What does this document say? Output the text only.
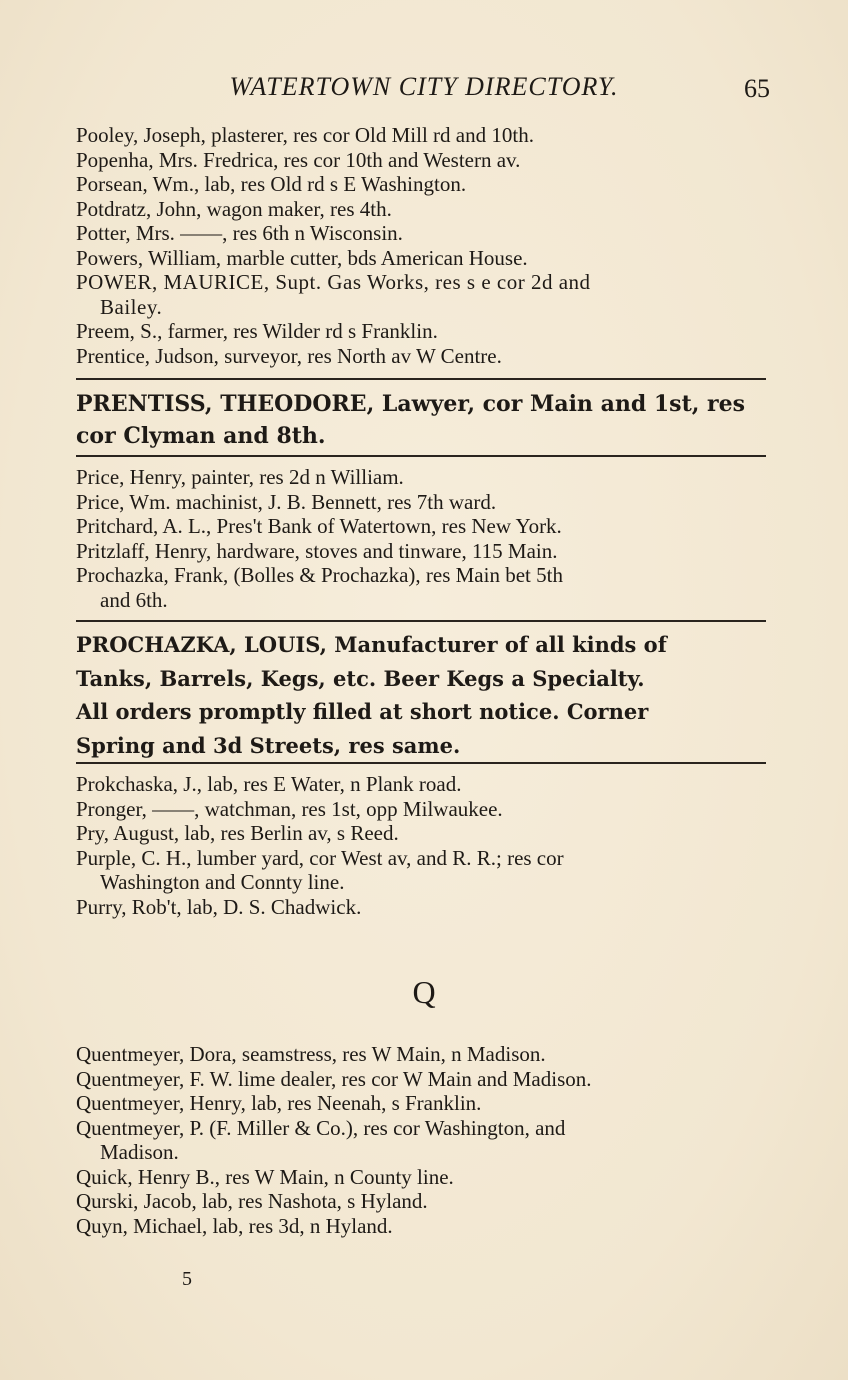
WATERTOWN CITY DIRECTORY.	65

Pooley, Joseph, plasterer, res cor Old Mill rd and 10th.

Popenha, Mrs. Fredrica, res cor 10th and Western av.

Porsean, Wm., lab, res Old rd s E Washington.

Potdratz, John, wagon maker, res 4th.

Potter, Mrs. ——, res 6th n Wisconsin.

Powers, William, marble cutter, bds American House.

POWER, MAURICE, Supt. Gas Works, res s e cor 2d and
Bailey.

Preem, S., farmer, res Wilder rd s Franklin.

Prentice, Judson, surveyor, res North av W Centre.

PRENTISS, THEODORE, Lawyer, cor Main and 1st, res

cor Clyman and 8th.

Price, Henry, painter, res 2d n William.

Price, Wm. machinist, J. B. Bennett, res 7th ward.

Pritchard, A. L., Pres't Bank of Watertown, res New York.

Pritzlaff, Henry, hardware, stoves and tinware, 115 Main.

Prochazka, Frank, (Bolles & Prochazka), res Main bet 5th
and 6th.

PROCHAZKA, LOUIS, Manufacturer of all kinds of

Tanks, Barrels, Kegs, etc. Beer Kegs a Specialty.

All orders promptly filled at short notice. Corner

Spring and 3d Streets, res same.

Prokchaska, J., lab, res E Water, n Plank road.

Pronger, ——, watchman, res 1st, opp Milwaukee.

Pry, August, lab, res Berlin av, s Reed.

Purple, C. H., lumber yard, cor West av, and R. R.; res cor
Washington and Connty line.

Purry, Rob't, lab, D. S. Chadwick.

Q

Quentmeyer, Dora, seamstress, res W Main, n Madison.

Quentmeyer, F. W. lime dealer, res cor W Main and Madison.

Quentmeyer, Henry, lab, res Neenah, s Franklin.

Quentmeyer, P. (F. Miller & Co.), res cor Washington, and
Madison.

Quick, Henry B., res W Main, n County line.

Qurski, Jacob, lab, res Nashota, s Hyland.

Quyn, Michael, lab, res 3d, n Hyland.

5
